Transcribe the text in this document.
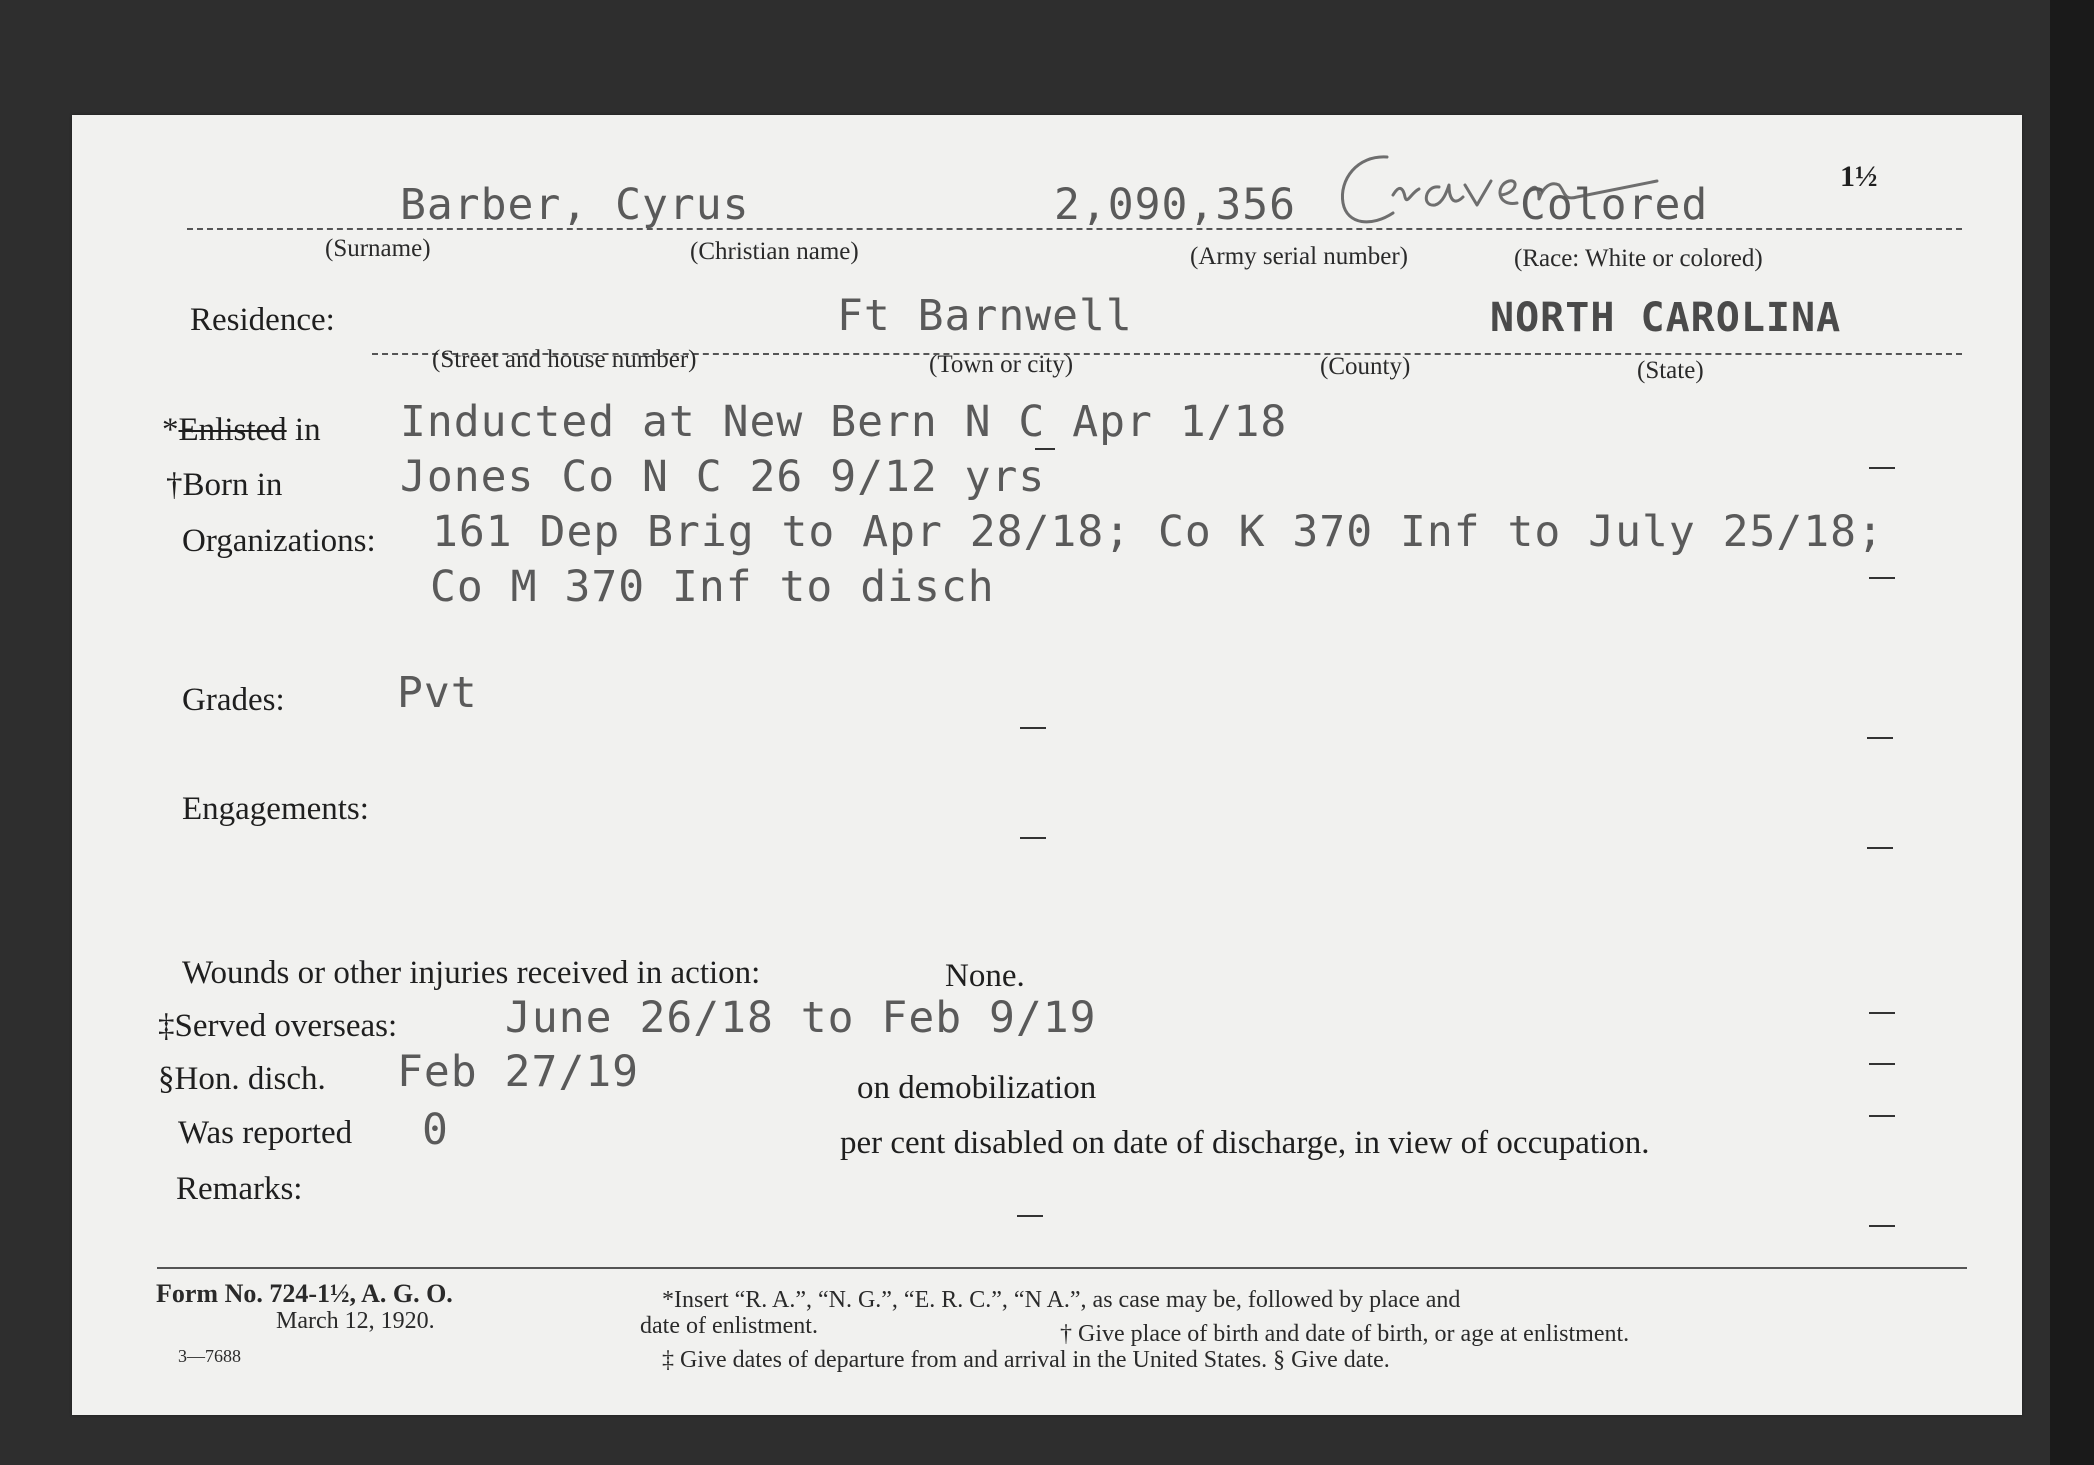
1½
Barber, Cyrus	2,090,356	Colored
(Surname)	(Christian name)	(Army serial number)	(Race: White or colored)
Residence:	Ft Barnwell	NORTH CAROLINA
(Street and house number)	(Town or city)	(County)	(State)
*Enlisted in Inducted at New Bern N C Apr 1/18
†Born in	Jones Co N C 26 9/12 yrs
Organizations: 161 Dep Brig to Apr 28/18; Co K 370 Inf to July 25/18;
Co M 370 Inf to disch
Grades:	Pvt
Engagements:
Wounds or other injuries received in action:	None.
‡Served overseas:	June 26/18 to Feb 9/19
§Hon. disch. Feb 27/19	on demobilization
Was reported 0	per cent disabled on date of discharge, in view of occupation.
Remarks:
Form No. 724-1½, A. G. O.
March 12, 1920.
3—7688
*Insert “R. A.”, “N. G.”, “E. R. C.”, “N A.”, as case may be, followed by place and
date of enlistment.	† Give place of birth and date of birth, or age at enlistment.
‡ Give dates of departure from and arrival in the United States. § Give date.
